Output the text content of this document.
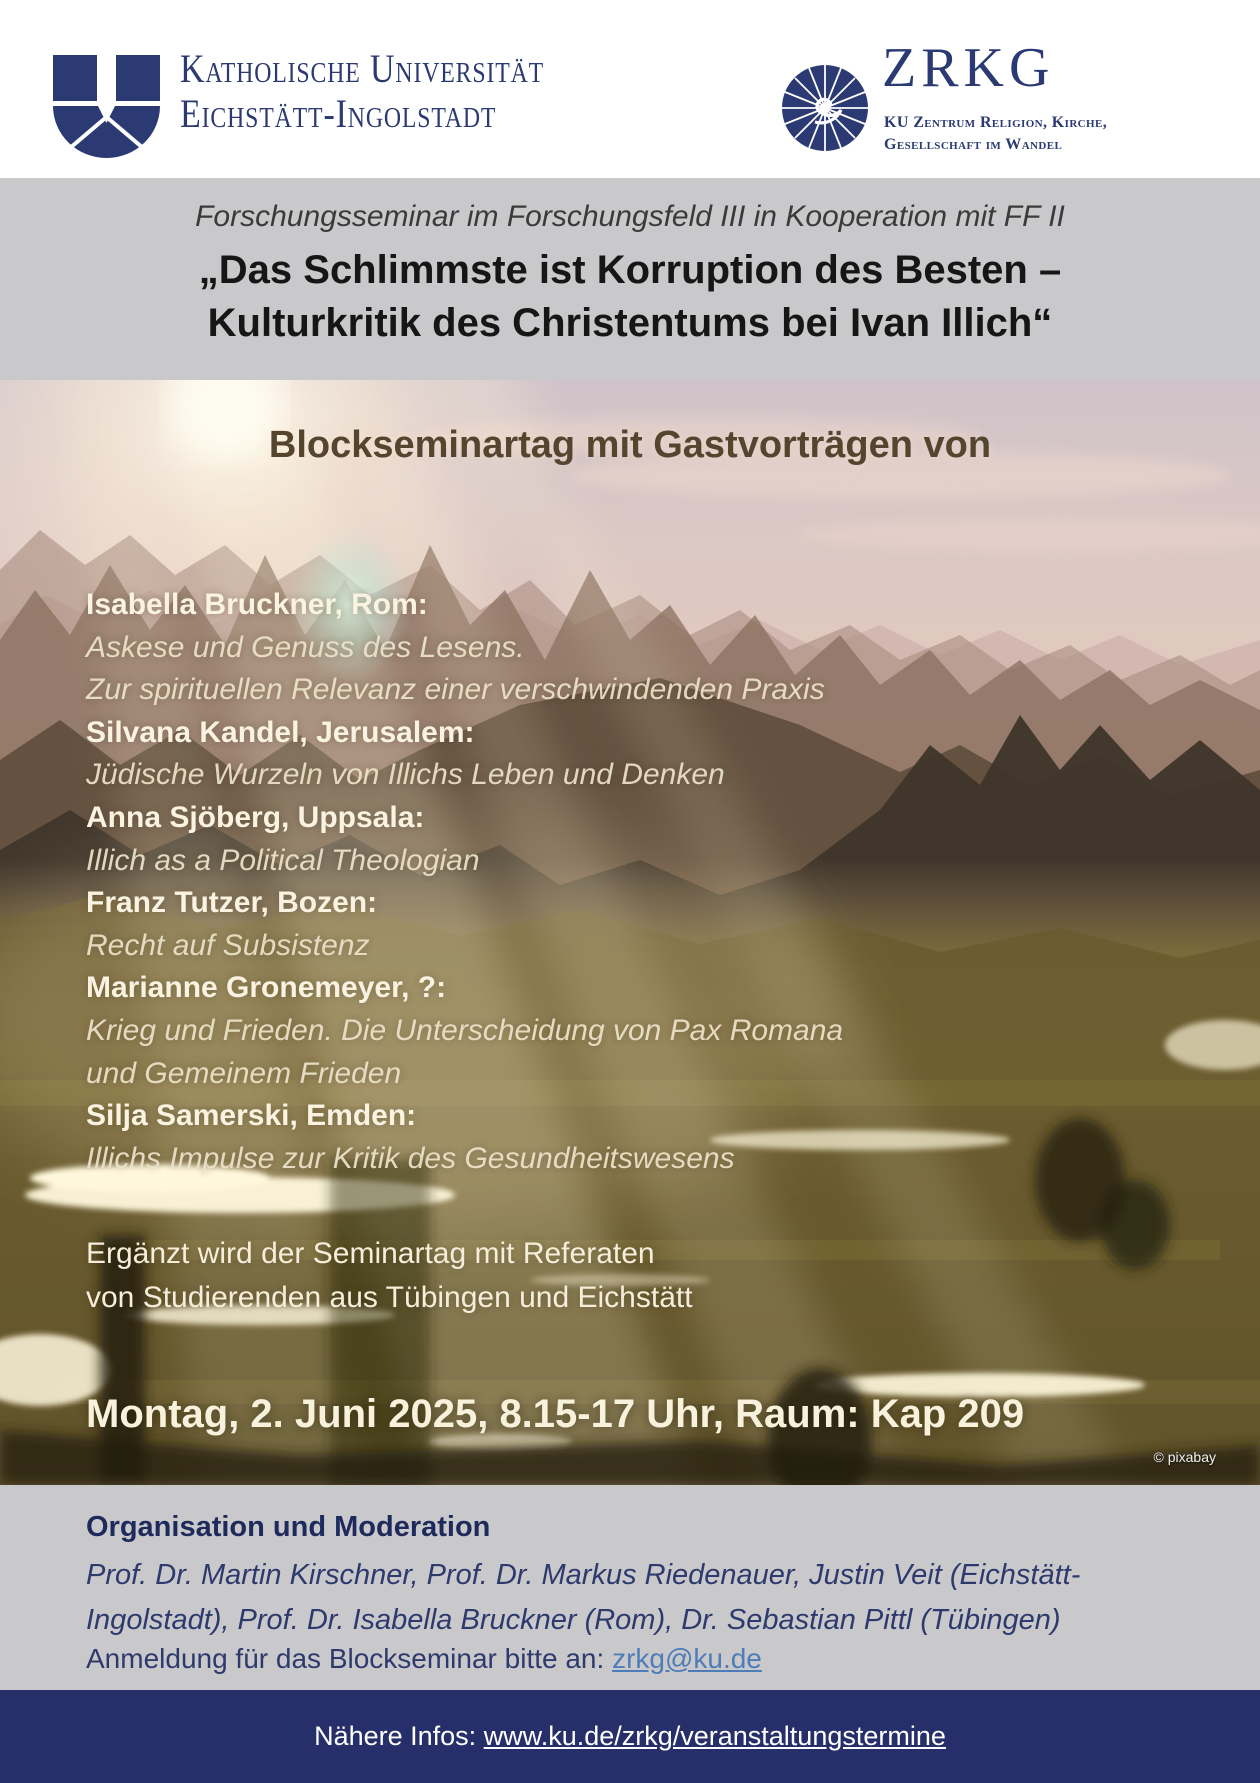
Katholische Universität
Eichstätt-Ingolstadt
ZRKG
KU Zentrum Religion, Kirche,
Gesellschaft im Wandel
Forschungsseminar im Forschungsfeld III in Kooperation mit FF II
„Das Schlimmste ist Korruption des Besten –
Kulturkritik des Christentums bei Ivan Illich“
Blockseminartag mit Gastvorträgen von
Isabella Bruckner, Rom:
Askese und Genuss des Lesens.
Zur spirituellen Relevanz einer verschwindenden Praxis
Silvana Kandel, Jerusalem:
Jüdische Wurzeln von Illichs Leben und Denken
Anna Sjöberg, Uppsala:
Illich as a Political Theologian
Franz Tutzer, Bozen:
Recht auf Subsistenz
Marianne Gronemeyer, ?:
Krieg und Frieden. Die Unterscheidung von Pax Romana
und Gemeinem Frieden
Silja Samerski, Emden:
Illichs Impulse zur Kritik des Gesundheitswesens
Ergänzt wird der Seminartag mit Referaten
von Studierenden aus Tübingen und Eichstätt
Montag, 2. Juni 2025, 8.15-17 Uhr, Raum: Kap 209
© pixabay
Organisation und Moderation
Prof. Dr. Martin Kirschner, Prof. Dr. Markus Riedenauer, Justin Veit (Eichstätt-
Ingolstadt), Prof. Dr. Isabella Bruckner (Rom), Dr. Sebastian Pittl (Tübingen)
Anmeldung für das Blockseminar bitte an: zrkg@ku.de
Nähere Infos: www.ku.de/zrkg/veranstaltungstermine
